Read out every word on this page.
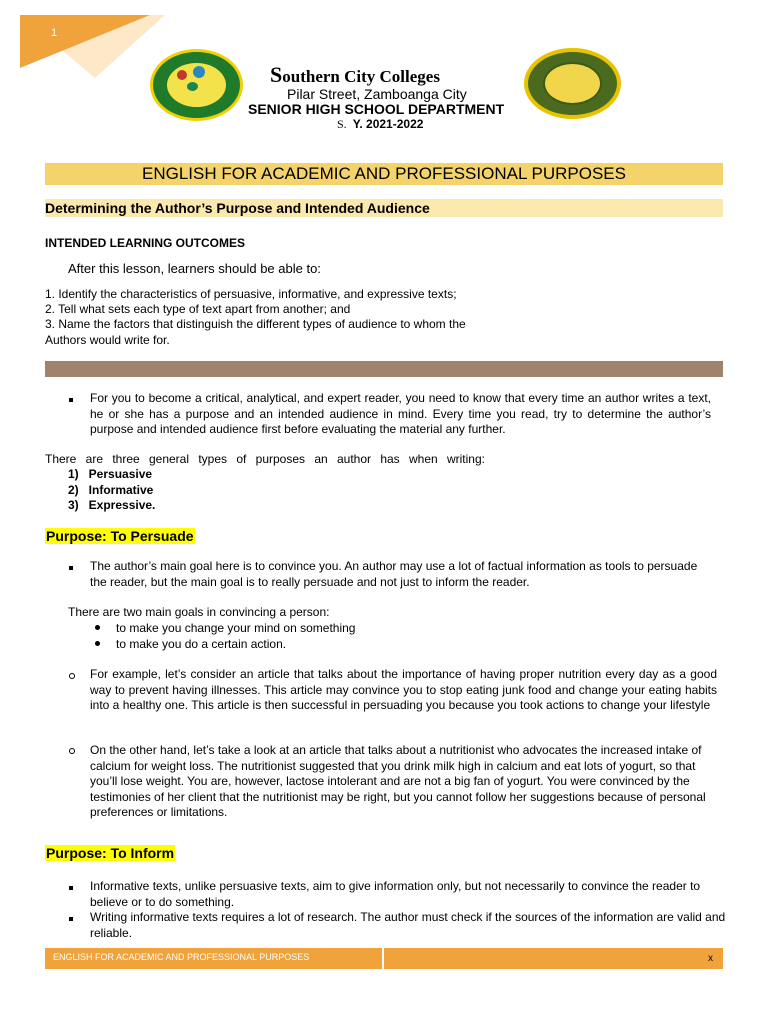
1
Southern City Colleges
Pilar Street, Zamboanga City
SENIOR HIGH SCHOOL DEPARTMENT
S. Y. 2021-2022
ENGLISH FOR ACADEMIC AND PROFESSIONAL PURPOSES
Determining the Author’s Purpose and Intended Audience
INTENDED LEARNING OUTCOMES
After this lesson, learners should be able to:
1. Identify the characteristics of persuasive, informative, and expressive texts;
2. Tell what sets each type of text apart from another; and
3. Name the factors that distinguish the different types of audience to whom the
Authors would write for.
For you to become a critical, analytical, and expert reader, you need to know that every time an author writes a text, he or she has a purpose and an intended audience in mind. Every time you read, try to determine the author’s purpose and intended audience first before evaluating the material any further.
There are three general types of purposes an author has when writing:
1)   Persuasive
2)   Informative
3)   Expressive.
Purpose: To Persuade
The author’s main goal here is to convince you. An author may use a lot of factual information as tools to persuade the reader, but the main goal is to really persuade and not just to inform the reader.
There are two main goals in convincing a person:
to make you change your mind on something
to make you do a certain action.
For example, let’s consider an article that talks about the importance of having proper nutrition every day as a good way to prevent having illnesses. This article may convince you to stop eating junk food and change your eating habits into a healthy one. This article is then successful in persuading you because you took actions to change your lifestyle
On the other hand, let’s take a look at an article that talks about a nutritionist who advocates the increased intake of calcium for weight loss. The nutritionist suggested that you drink milk high in calcium and eat lots of yogurt, so that you’ll lose weight. You are, however, lactose intolerant and are not a big fan of yogurt. You were convinced by the testimonies of her client that the nutritionist may be right, but you cannot follow her suggestions because of personal preferences or limitations.
Purpose: To Inform
Informative texts, unlike persuasive texts, aim to give information only, but not necessarily to convince the reader to believe or to do something.
Writing informative texts requires a lot of research. The author must check if the sources of the information are valid and reliable.
ENGLISH FOR ACADEMIC AND PROFESSIONAL PURPOSES	x
